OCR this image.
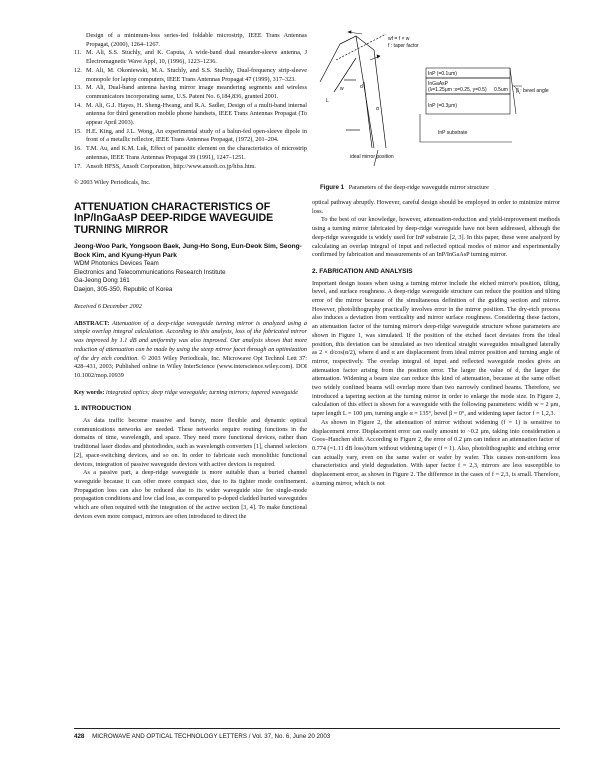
Design of a minimum-loss series-fed foldable microstrip, IEEE Trans Antennas Propagat, (2000), 1264–1267.
11. M. Ali, S.S. Stuchly, and K. Caputa, A wide-band dual meander-sleeve antenna, J Electromagnetic Wave Appl, 10, (1996), 1223–1236.
12. M. Ali, M. Okoniewski, M.A. Stuchly, and S.S. Stuchly, Dual-frequency strip-sleeve monopole for laptop computers, IEEE Trans Antennas Propagat 47 (1999), 317–323.
13. M. Ali, Dual-band antenna having mirror image meandering segments and wireless communicators incorporating same, U.S. Patent No. 6,184,836, granted 2001.
14. M. Ali, G.J. Hayes, H. Sheng-Hwang, and R.A. Sadler, Design of a multi-band internal antenna for third generation mobile phone handsets, IEEE Trans Antennas Propagat (To appear April 2003).
15. H.E. King, and J.L. Wong, An experimental study of a balun-fed open-sleeve dipole in front of a metallic reflector, IEEE Trans Antennas Propagat, (1972), 201–204.
16. T.M. Au, and K.M. Luk, Effect of parasitic element on the characteristics of microstrip antennas, IEEE Trans Antennas Propagat 39 (1991), 1247–1251.
17. Ansoft HFSS, Ansoft Corporation, http://www.ansoft.co.jp/hfss.htm.
© 2003 Wiley Periodicals, Inc.
ATTENUATION CHARACTERISTICS OF InP/InGaAsP DEEP-RIDGE WAVEGUIDE TURNING MIRROR
Jeong-Woo Park, Yongsoon Baek, Jung-Ho Song, Eun-Deok Sim, Seong-Bock Kim, and Kyung-Hyun Park
WDM Photonics Devices Team
Electronics and Telecommunications Research Institute
Ga-Jeong Dong 161
Daejon, 305-350, Republic of Korea
Received 6 December 2002
ABSTRACT: Attenuation of a deep-ridge waveguide turning mirror is analyzed using a simple overlap integral calculation. According to this analysis, loss of the fabricated mirror was improved by 1.1 dB and uniformity was also improved. Our analysis shows that more reduction of attenuation can be made by using the steep mirror facet through an optimization of the dry etch condition. © 2003 Wiley Periodicals, Inc. Microwave Opt Technol Lett 37: 428–431, 2003; Published online in Wiley InterScience (www.interscience.wiley.com). DOI 10.1002/mop.10939
Key words: integrated optics; deep ridge waveguide; turning mirrors; tapered waveguide
1. INTRODUCTION

As data traffic become massive and bursty, more flexible and dynamic optical communications networks are needed. These networks require routing functions in the domains of time, wavelength, and space. They need more functional devices, rather than traditional laser diodes and photodiodes, such as wavelength converters [1], channel selectors [2], space-switching devices, and so on. In order to fabricate such monolithic functional devices, integration of passive waveguide devices with active devices is required.

As a passive part, a deep-ridge waveguide is more suitable than a buried channel waveguide because it can offer more compact size, due to its tighter mode confinement. Propagation loss can also be reduced due to its wider waveguide size for single-mode propagation conditions and low clad loss, as compared to p-doped cladded buried waveguides which are often required with the integration of the active section [3, 4]. To make functional devices even more compact, mirrors are often introduced to direct the

wf = f × w
f : taper factor
w
L
d
α
ideal mirror position
InP (=0.1um)
InGaAsP
(λ=1.25μm :x=0.25, y=0.5) 0.5um
InP (=0.3μm)
InP substrate
β : bevel angle
Figure 1 Parameters of the deep-ridge waveguide mirror structure

optical pathway abruptly. However, careful design should be employed in order to minimize mirror loss.

To the best of our knowledge, however, attenuation-reduction and yield-improvement methods using a turning mirror fabricated by deep-ridge waveguide have not been addressed, although the deep-ridge waveguide is widely used for InP substrate [2, 3]. In this paper, these were analyzed by calculating an overlap integral of input and reflected optical modes of mirror and experimentally confirmed by fabrication and measurements of an InP/InGaAsP turning mirror.

2. FABRICATION AND ANALYSIS

Important design issues when using a turning mirror include the etched mirror's position, tilting, bevel, and surface roughness. A deep-ridge waveguide structure can reduce the position and tilting error of the mirror because of the simultaneous definition of the guiding section and mirror. However, photolithography practically involves error in the mirror position. The dry-etch process also induces a deviation from verticality and mirror surface roughness. Considering these factors, an attenuation factor of the turning mirror's deep-ridge waveguide structure whose parameters are shown in Figure 1, was simulated. If the position of the etched facet deviates from the ideal position, this deviation can be simulated as two identical straight waveguides misaligned laterally as 2 × d/cos(α/2), where d and α are displacement from ideal mirror position and turning angle of mirror, respectively. The overlap integral of input and reflected waveguide modes gives an attenuation factor arising from the position error. The larger the value of d, the larger the attenuation. Widening a beam size can reduce this kind of attenuation, because at the same offset two widely confined beams will overlap more than two narrowly confined beams. Therefore, we introduced a tapering section at the turning mirror in order to enlarge the mode size. In Figure 2, calculation of this effect is shown for a waveguide with the following parameters: width w = 2 μm, taper length L = 100 μm, turning angle α = 135°, bevel β = 0°, and widening taper factor f = 1,2,3.

As shown in Figure 2, the attenuation of mirror without widening (f = 1) is sensitive to displacement error. Displacement error can easily amount to ~0.2 μm, taking into consideration a Goos–Hanchen shift. According to Figure 2, the error of 0.2 μm can induce an attenuation factor of 0.774 (=1.11 dB loss)/turn without widening taper (f = 1). Also, photolithographic and etching error can actually vary, even on the same wafer or wafer by wafer. This causes non-uniform loss characteristics and yield degradation. With taper factor f = 2,3, mirrors are less susceptible to displacement error, as shown in Figure 2. The difference in the cases of f = 2,3, is small. Therefore, a turning mirror, which is not

428 MICROWAVE AND OPTICAL TECHNOLOGY LETTERS / Vol. 37, No. 6, June 20 2003
